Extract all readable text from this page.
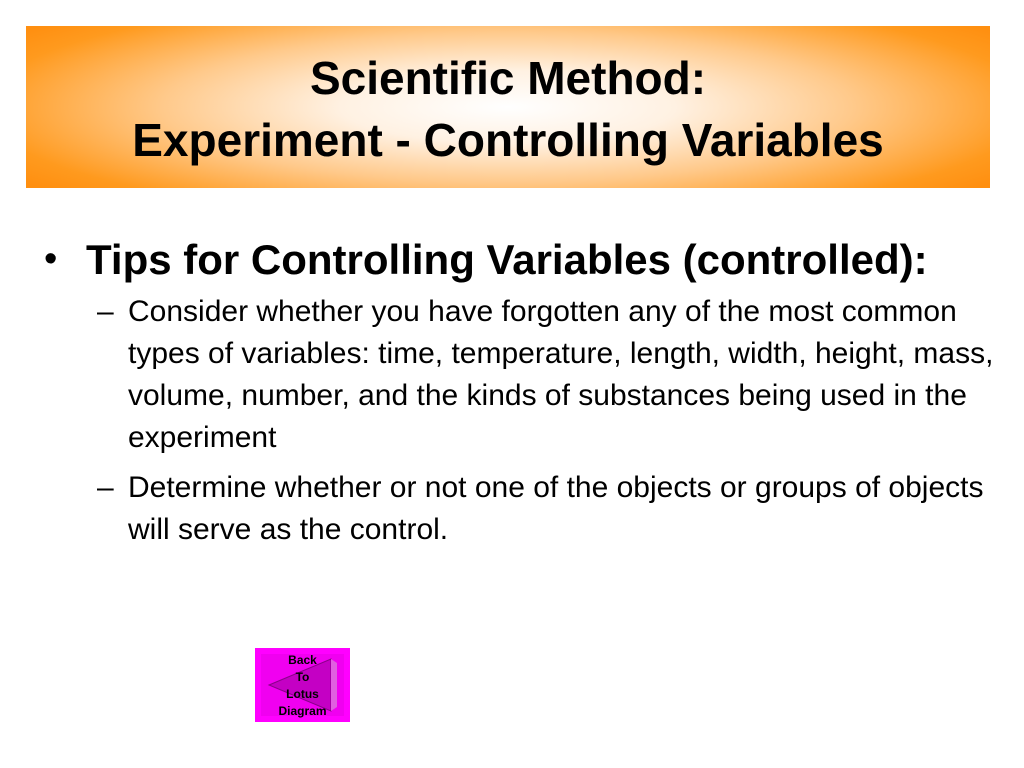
Scientific Method:
Experiment - Controlling Variables
• Tips for Controlling Variables (controlled):
– Consider whether you have forgotten any of the most common types of variables: time, temperature, length, width, height, mass, volume, number, and the kinds of substances being used in the experiment
– Determine whether or not one of the objects or groups of objects will serve as the control.
Back
To
Lotus
Diagram
